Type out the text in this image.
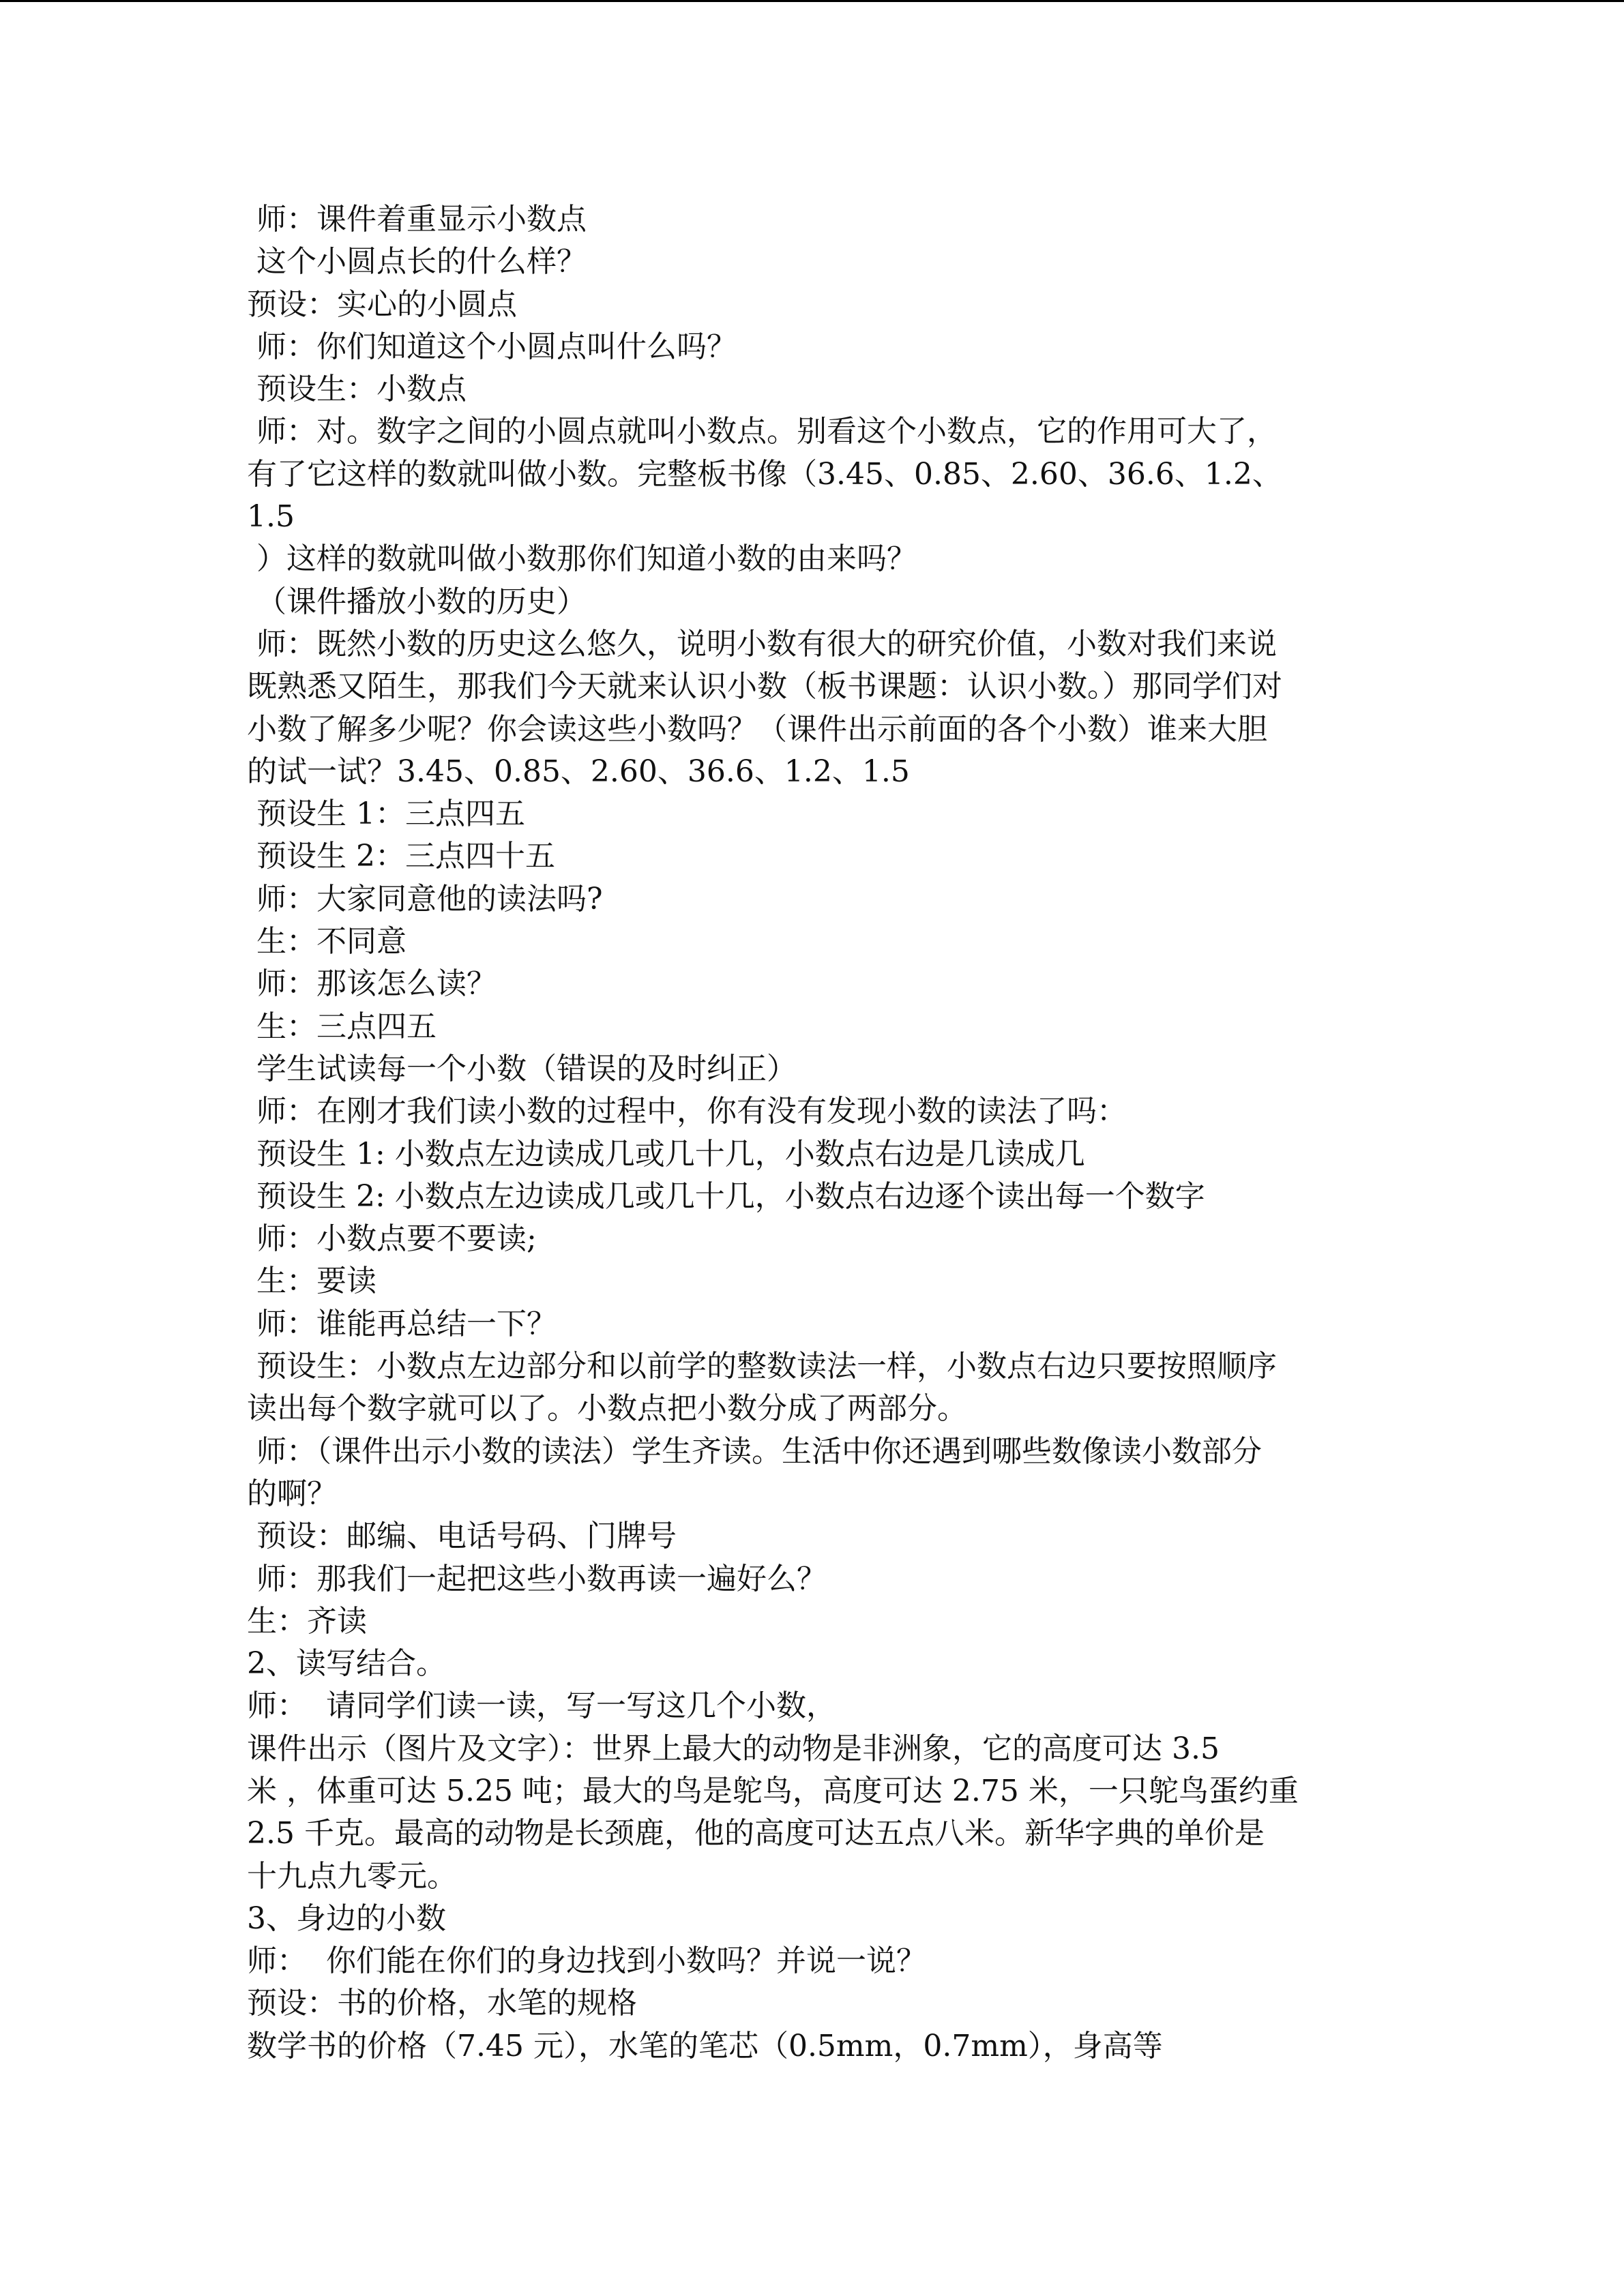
师：课件着重显示小数点
这个小圆点长的什么样？
预设：实心的小圆点
师：你们知道这个小圆点叫什么吗？
预设生：小数点
师：对。数字之间的小圆点就叫小数点。别看这个小数点，它的作用可大了，
有了它这样的数就叫做小数。完整板书像（3.45、0.85、2.60、36.6、1.2、
1.5
）这样的数就叫做小数那你们知道小数的由来吗？
（课件播放小数的历史）
师：既然小数的历史这么悠久，说明小数有很大的研究价值，小数对我们来说
既熟悉又陌生，那我们今天就来认识小数（板书课题：认识小数。）那同学们对
小数了解多少呢？你会读这些小数吗？（课件出示前面的各个小数）谁来大胆
的试一试？3.45、0.85、2.60、36.6、1.2、1.5
预设生 1：三点四五
预设生 2：三点四十五
师：大家同意他的读法吗?
生：不同意
师：那该怎么读？
生：三点四五
学生试读每一个小数（错误的及时纠正）
师：在刚才我们读小数的过程中，你有没有发现小数的读法了吗：
预设生 1: 小数点左边读成几或几十几，小数点右边是几读成几
预设生 2: 小数点左边读成几或几十几，小数点右边逐个读出每一个数字
师：小数点要不要读;
生：要读
师：谁能再总结一下？
预设生：小数点左边部分和以前学的整数读法一样，小数点右边只要按照顺序
读出每个数字就可以了。小数点把小数分成了两部分。
师：（课件出示小数的读法）学生齐读。生活中你还遇到哪些数像读小数部分
的啊？
预设：邮编、电话号码、门牌号
师：那我们一起把这些小数再读一遍好么？
生：齐读
2、读写结合。
师：  请同学们读一读，写一写这几个小数，
课件出示（图片及文字）：世界上最大的动物是非洲象，它的高度可达 3.5
米 ，体重可达 5.25 吨；最大的鸟是鸵鸟，高度可达 2.75 米，一只鸵鸟蛋约重
2.5 千克。最高的动物是长颈鹿，他的高度可达五点八米。新华字典的单价是
十九点九零元。
3、身边的小数
师：  你们能在你们的身边找到小数吗？并说一说？
预设：书的价格，水笔的规格
数学书的价格（7.45 元），水笔的笔芯（0.5mm，0.7mm），身高等
